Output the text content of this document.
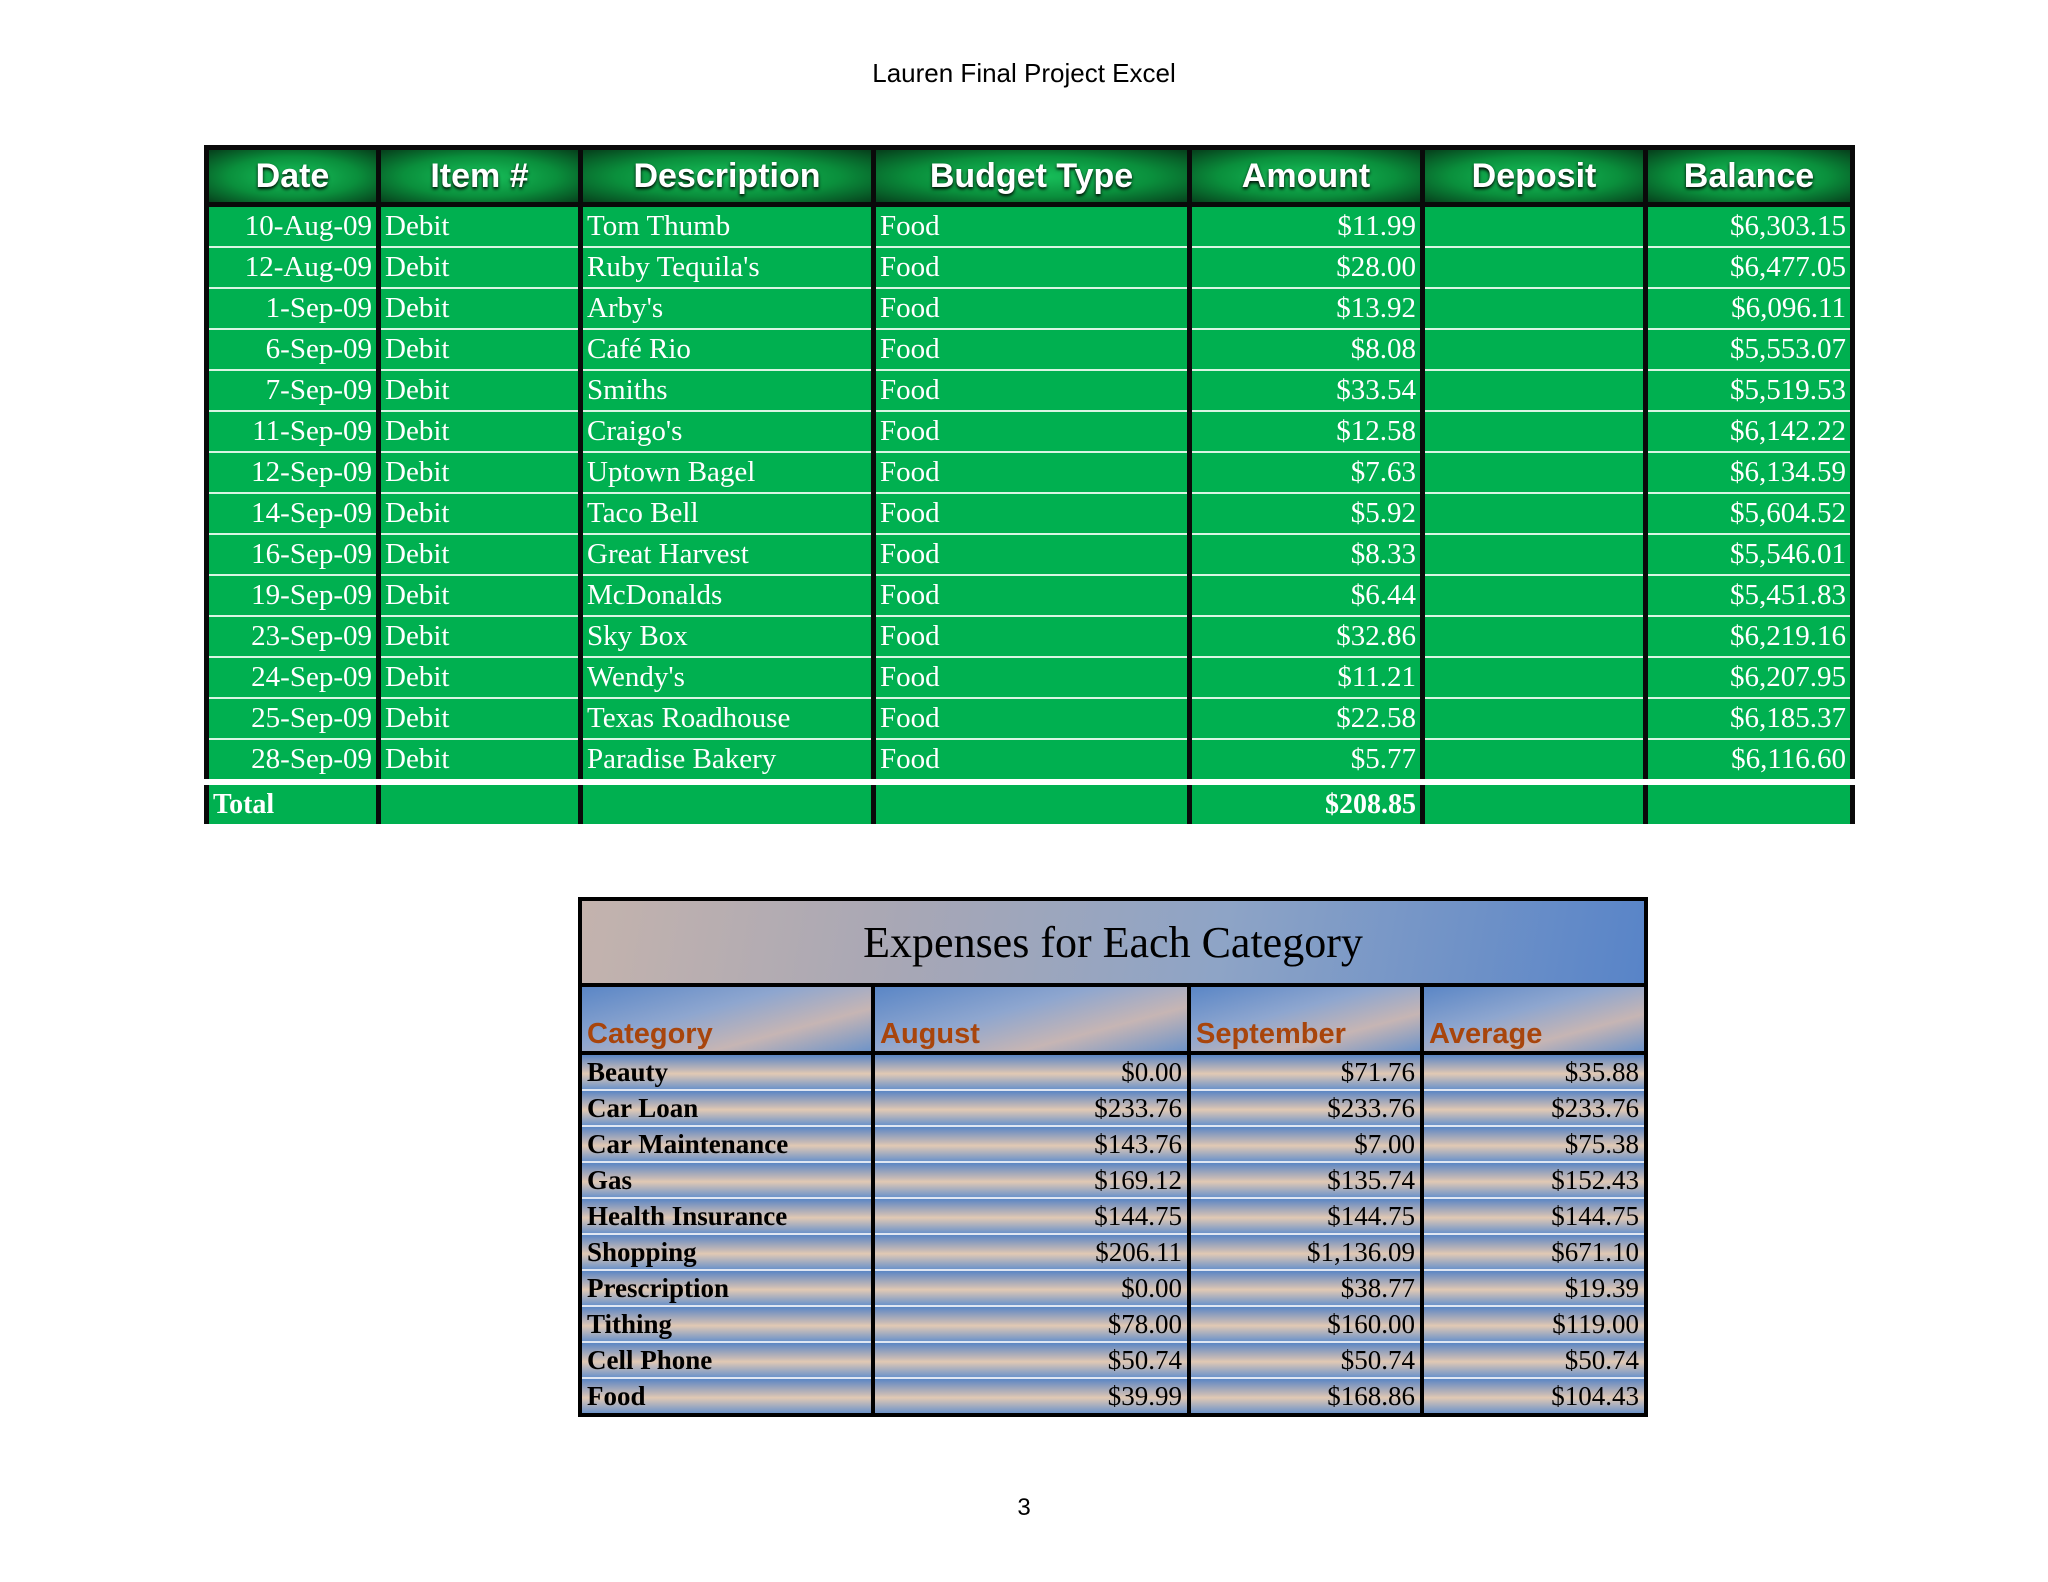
Lauren Final Project Excel
Date	Item #	Description	Budget Type	Amount	Deposit	Balance
10-Aug-09	Debit	Tom Thumb	Food	$11.99		$6,303.15
12-Aug-09	Debit	Ruby Tequila's	Food	$28.00		$6,477.05
1-Sep-09	Debit	Arby's	Food	$13.92		$6,096.11
6-Sep-09	Debit	Café Rio	Food	$8.08		$5,553.07
7-Sep-09	Debit	Smiths	Food	$33.54		$5,519.53
11-Sep-09	Debit	Craigo's	Food	$12.58		$6,142.22
12-Sep-09	Debit	Uptown Bagel	Food	$7.63		$6,134.59
14-Sep-09	Debit	Taco Bell	Food	$5.92		$5,604.52
16-Sep-09	Debit	Great Harvest	Food	$8.33		$5,546.01
19-Sep-09	Debit	McDonalds	Food	$6.44		$5,451.83
23-Sep-09	Debit	Sky Box	Food	$32.86		$6,219.16
24-Sep-09	Debit	Wendy's	Food	$11.21		$6,207.95
25-Sep-09	Debit	Texas Roadhouse	Food	$22.58		$6,185.37
28-Sep-09	Debit	Paradise Bakery	Food	$5.77		$6,116.60
Total				$208.85		
Expenses for Each Category			
Category	August	September	Average
Beauty	$0.00	$71.76	$35.88
Car Loan	$233.76	$233.76	$233.76
Car Maintenance	$143.76	$7.00	$75.38
Gas	$169.12	$135.74	$152.43
Health Insurance	$144.75	$144.75	$144.75
Shopping	$206.11	$1,136.09	$671.10
Prescription	$0.00	$38.77	$19.39
Tithing	$78.00	$160.00	$119.00
Cell Phone	$50.74	$50.74	$50.74
Food	$39.99	$168.86	$104.43
3
